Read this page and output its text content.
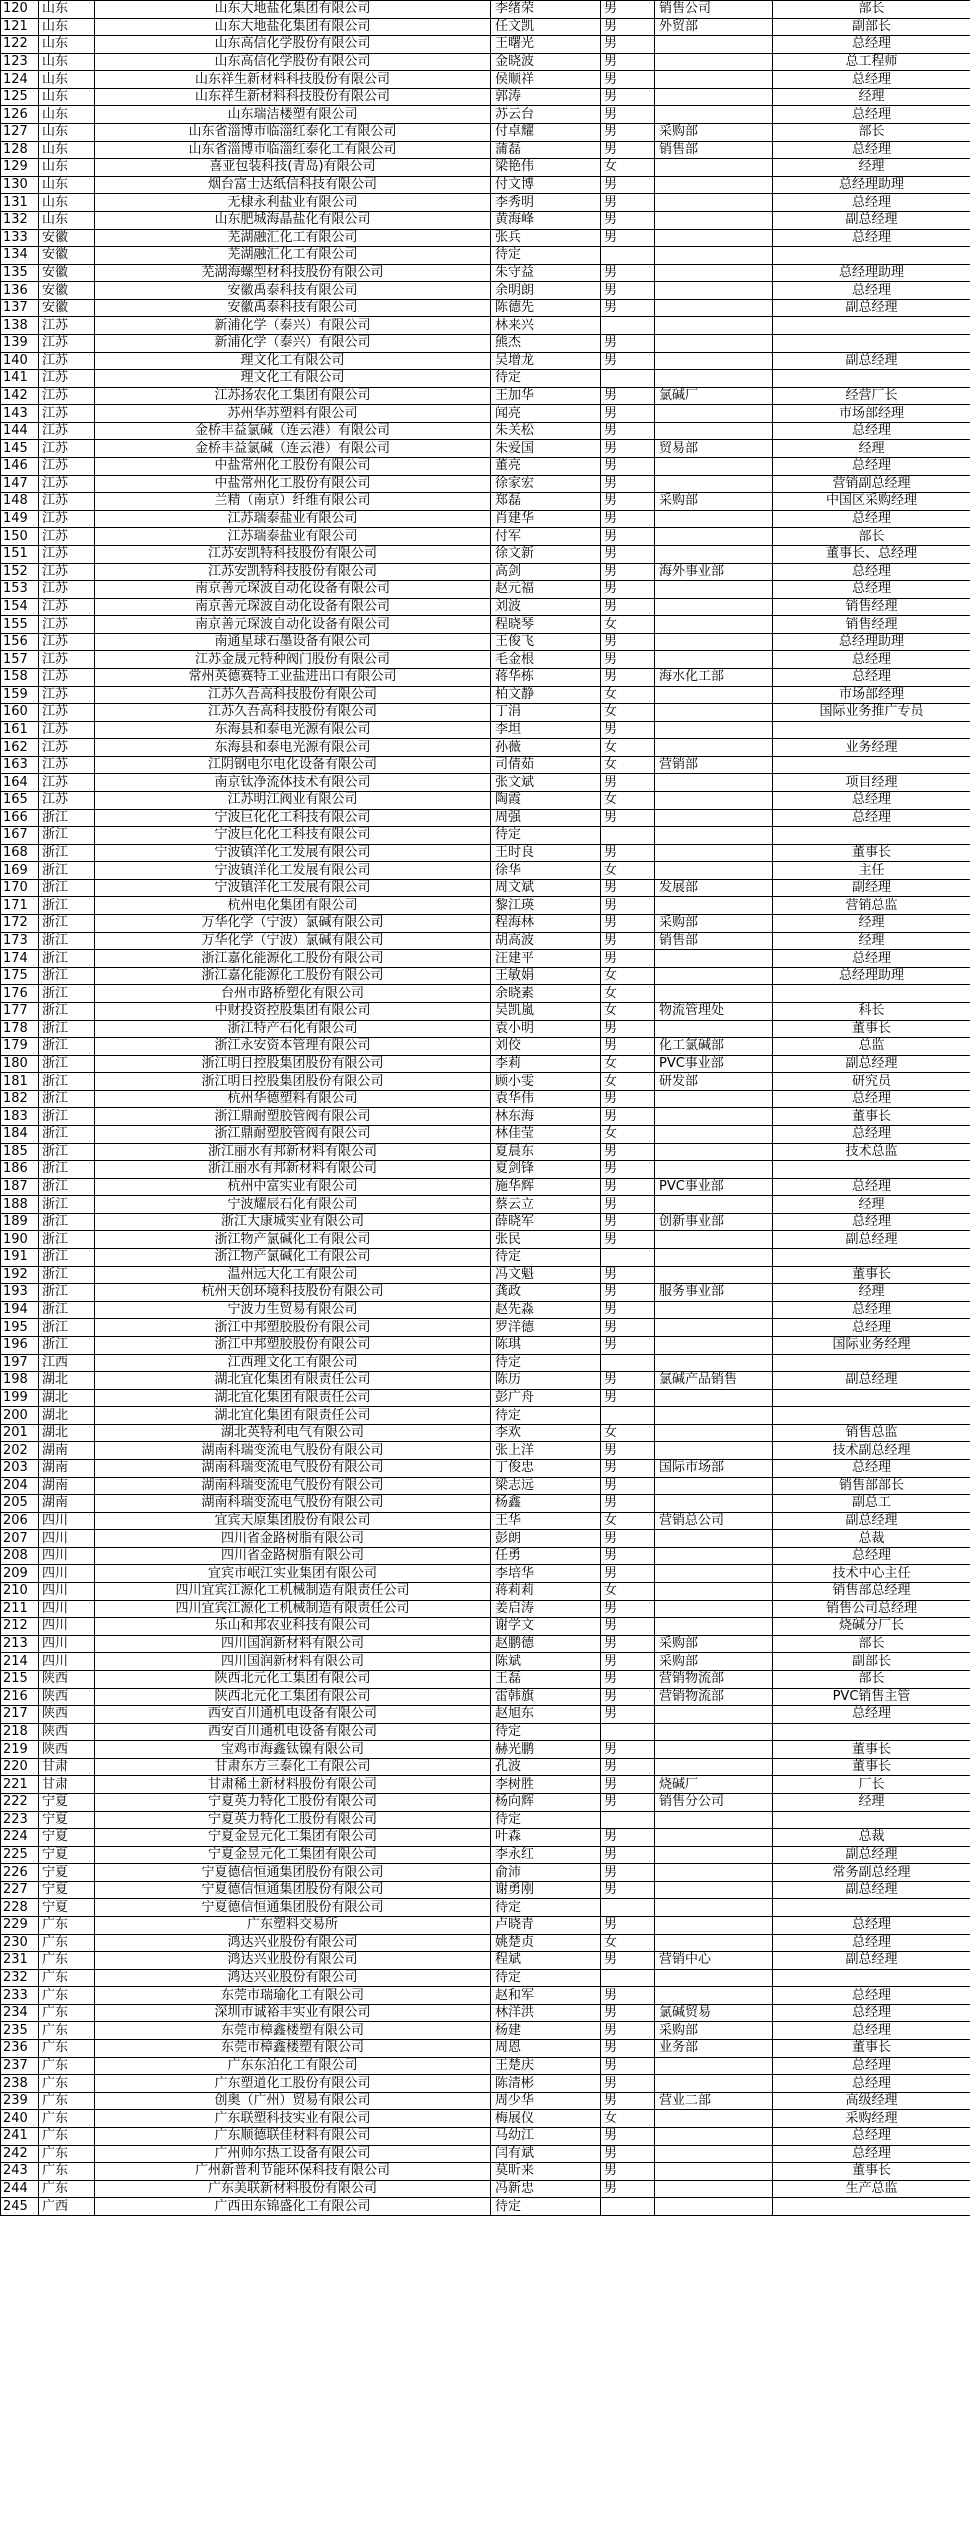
120	山东	山东大地盐化集团有限公司	李绪荣	男	销售公司	部长
121	山东	山东大地盐化集团有限公司	任文凯	男	外贸部	副部长
122	山东	山东高信化学股份有限公司	王曙光	男		总经理
123	山东	山东高信化学股份有限公司	金晓波	男		总工程师
124	山东	山东祥生新材料科技股份有限公司	侯顺祥	男		总经理
125	山东	山东祥生新材料科技股份有限公司	郭涛	男		经理
126	山东	山东瑞洁楼塑有限公司	苏云台	男		总经理
127	山东	山东省淄博市临淄红泰化工有限公司	付卓耀	男	采购部	部长
128	山东	山东省淄博市临淄红泰化工有限公司	蒲磊	男	销售部	总经理
129	山东	喜亚包装科技(青岛)有限公司	梁艳伟	女		经理
130	山东	烟台富士达纸信科技有限公司	付文博	男		总经理助理
131	山东	无棣永利盐业有限公司	李秀明	男		总经理
132	山东	山东肥城海晶盐化有限公司	黄海峰	男		副总经理
133	安徽	芜湖融汇化工有限公司	张兵	男		总经理
134	安徽	芜湖融汇化工有限公司	待定			
135	安徽	芜湖海螺型材科技股份有限公司	朱守益	男		总经理助理
136	安徽	安徽禹泰科技有限公司	余明朗	男		总经理
137	安徽	安徽禹泰科技有限公司	陈德先	男		副总经理
138	江苏	新浦化学（泰兴）有限公司	林来兴			
139	江苏	新浦化学（泰兴）有限公司	熊杰	男		
140	江苏	理文化工有限公司	吴增龙	男		副总经理
141	江苏	理文化工有限公司	待定			
142	江苏	江苏扬农化工集团有限公司	王加华	男	氯碱厂	经营厂长
143	江苏	苏州华苏塑料有限公司	闻亮	男		市场部经理
144	江苏	金桥丰益氯碱（连云港）有限公司	朱关松	男		总经理
145	江苏	金桥丰益氯碱（连云港）有限公司	朱爱国	男	贸易部	经理
146	江苏	中盐常州化工股份有限公司	董亮	男		总经理
147	江苏	中盐常州化工股份有限公司	徐家宏	男		营销副总经理
148	江苏	兰精（南京）纤维有限公司	郑磊	男	采购部	中国区采购经理
149	江苏	江苏瑞泰盐业有限公司	肖建华	男		总经理
150	江苏	江苏瑞泰盐业有限公司	付军	男		部长
151	江苏	江苏安凯特科技股份有限公司	徐文新	男		董事长、总经理
152	江苏	江苏安凯特科技股份有限公司	高剑	男	海外事业部	总经理
153	江苏	南京善元琛波自动化设备有限公司	赵元福	男		总经理
154	江苏	南京善元琛波自动化设备有限公司	刘波	男		销售经理
155	江苏	南京善元琛波自动化设备有限公司	程晓琴	女		销售经理
156	江苏	南通星球石墨设备有限公司	王俊飞	男		总经理助理
157	江苏	江苏金晟元特种阀门股份有限公司	毛金根	男		总经理
158	江苏	常州英德赛特工业盐进出口有限公司	蒋华栋	男	海水化工部	总经理
159	江苏	江苏久吾高科技股份有限公司	柏文静	女		市场部经理
160	江苏	江苏久吾高科技股份有限公司	丁涓	女		国际业务推广专员
161	江苏	东海县和泰电光源有限公司	李坦	男		
162	江苏	东海县和泰电光源有限公司	孙薇	女		业务经理
163	江苏	江阴钢电尔电化设备有限公司	司倩茹	女	营销部	
164	江苏	南京钛净流体技术有限公司	张文斌	男		项目经理
165	江苏	江苏明江阀业有限公司	陶霞	女		总经理
166	浙江	宁波巨化化工科技有限公司	周强	男		总经理
167	浙江	宁波巨化化工科技有限公司	待定			
168	浙江	宁波镇洋化工发展有限公司	王时良	男		董事长
169	浙江	宁波镇洋化工发展有限公司	徐华	女		主任
170	浙江	宁波镇洋化工发展有限公司	周文斌	男	发展部	副经理
171	浙江	杭州电化集团有限公司	黎江瑛	男		营销总监
172	浙江	万华化学（宁波）氯碱有限公司	程海林	男	采购部	经理
173	浙江	万华化学（宁波）氯碱有限公司	胡高波	男	销售部	经理
174	浙江	浙江嘉化能源化工股份有限公司	汪建平	男		总经理
175	浙江	浙江嘉化能源化工股份有限公司	王敏娟	女		总经理助理
176	浙江	台州市路桥塑化有限公司	余晓素	女		
177	浙江	中财投资控股集团有限公司	吴凯嵐	女	物流管理处	科长
178	浙江	浙江特产石化有限公司	袁小明	男		董事长
179	浙江	浙江永安资本管理有限公司	刘佼	男	化工氯碱部	总监
180	浙江	浙江明日控股集团股份有限公司	李莉	女	PVC事业部	副总经理
181	浙江	浙江明日控股集团股份有限公司	顾小雯	女	研发部	研究员
182	浙江	杭州华德塑料有限公司	袁华伟	男		总经理
183	浙江	浙江鼎耐塑胶管阀有限公司	林东海	男		董事长
184	浙江	浙江鼎耐塑胶管阀有限公司	林佳莹	女		总经理
185	浙江	浙江丽水有邦新材料有限公司	夏晨东	男		技术总监
186	浙江	浙江丽水有邦新材料有限公司	夏剑锋	男		
187	浙江	杭州中富实业有限公司	施华辉	男	PVC事业部	总经理
188	浙江	宁波耀辰石化有限公司	蔡云立	男		经理
189	浙江	浙江大康城实业有限公司	薛晓军	男	创新事业部	总经理
190	浙江	浙江物产氯碱化工有限公司	张民	男		副总经理
191	浙江	浙江物产氯碱化工有限公司	待定			
192	浙江	温州远大化工有限公司	冯文魁	男		董事长
193	浙江	杭州天创环境科技股份有限公司	龚政	男	服务事业部	经理
194	浙江	宁波力生贸易有限公司	赵先淼	男		总经理
195	浙江	浙江中邦塑胶股份有限公司	罗洋德	男		总经理
196	浙江	浙江中邦塑胶股份有限公司	陈琪	男		国际业务经理
197	江西	江西理文化工有限公司	待定			
198	湖北	湖北宜化集团有限责任公司	陈历	男	氯碱产品销售	副总经理
199	湖北	湖北宜化集团有限责任公司	彭广舟	男		
200	湖北	湖北宜化集团有限责任公司	待定			
201	湖北	湖北英特利电气有限公司	李欢	女		销售总监
202	湖南	湖南科瑞变流电气股份有限公司	张上洋	男		技术副总经理
203	湖南	湖南科瑞变流电气股份有限公司	丁俊忠	男	国际市场部	总经理
204	湖南	湖南科瑞变流电气股份有限公司	梁志远	男		销售部部长
205	湖南	湖南科瑞变流电气股份有限公司	杨鑫	男		副总工
206	四川	宜宾天原集团股份有限公司	王华	女	营销总公司	副总经理
207	四川	四川省金路树脂有限公司	彭朗	男		总裁
208	四川	四川省金路树脂有限公司	任勇	男		总经理
209	四川	宜宾市岷江实业集团有限公司	李培华	男		技术中心主任
210	四川	四川宜宾江源化工机械制造有限责任公司	蒋莉莉	女		销售部总经理
211	四川	四川宜宾江源化工机械制造有限责任公司	姜启涛	男		销售公司总经理
212	四川	乐山和邦农业科技有限公司	谢学文	男		烧碱分厂长
213	四川	四川国润新材料有限公司	赵鹏德	男	采购部	部长
214	四川	四川国润新材料有限公司	陈斌	男	采购部	副部长
215	陕西	陕西北元化工集团有限公司	王磊	男	营销物流部	部长
216	陕西	陕西北元化工集团有限公司	雷韩旗	男	营销物流部	PVC销售主管
217	陕西	西安百川通机电设备有限公司	赵旭东	男		总经理
218	陕西	西安百川通机电设备有限公司	待定			
219	陕西	宝鸡市海鑫钛镍有限公司	赫光鹏	男		董事长
220	甘肃	甘肃东方三泰化工有限公司	孔波	男		董事长
221	甘肃	甘肃稀土新材料股份有限公司	李树胜	男	烧碱厂	厂长
222	宁夏	宁夏英力特化工股份有限公司	杨向辉	男	销售分公司	经理
223	宁夏	宁夏英力特化工股份有限公司	待定			
224	宁夏	宁夏金昱元化工集团有限公司	叶森	男		总裁
225	宁夏	宁夏金昱元化工集团有限公司	李永红	男		副总经理
226	宁夏	宁夏德信恒通集团股份有限公司	俞沛	男		常务副总经理
227	宁夏	宁夏德信恒通集团股份有限公司	谢勇刚	男		副总经理
228	宁夏	宁夏德信恒通集团股份有限公司	待定			
229	广东	广东塑料交易所	卢晓青	男		总经理
230	广东	鸿达兴业股份有限公司	姚楚贞	女		总经理
231	广东	鸿达兴业股份有限公司	程斌	男	营销中心	副总经理
232	广东	鸿达兴业股份有限公司	待定			
233	广东	东莞市瑞瑜化工有限公司	赵和军	男		总经理
234	广东	深圳市诚裕丰实业有限公司	林洋洪	男	氯碱贸易	总经理
235	广东	东莞市樟鑫楼塑有限公司	杨建	男	采购部	总经理
236	广东	东莞市樟鑫楼塑有限公司	周恩	男	业务部	董事长
237	广东	广东东泊化工有限公司	王楚庆	男		总经理
238	广东	广东塑道化工股份有限公司	陈清彬	男		总经理
239	广东	创奥（广州）贸易有限公司	周少华	男	营业二部	高级经理
240	广东	广东联塑科技实业有限公司	梅展仪	女		采购经理
241	广东	广东顺德联佳材料有限公司	马幼江	男		总经理
242	广东	广州帅尔热工设备有限公司	闫有斌	男		总经理
243	广东	广州新普利节能环保科技有限公司	莫昕来	男		董事长
244	广东	广东美联新材料股份有限公司	冯新忠	男		生产总监
245	广西	广西田东锦盛化工有限公司	待定			
